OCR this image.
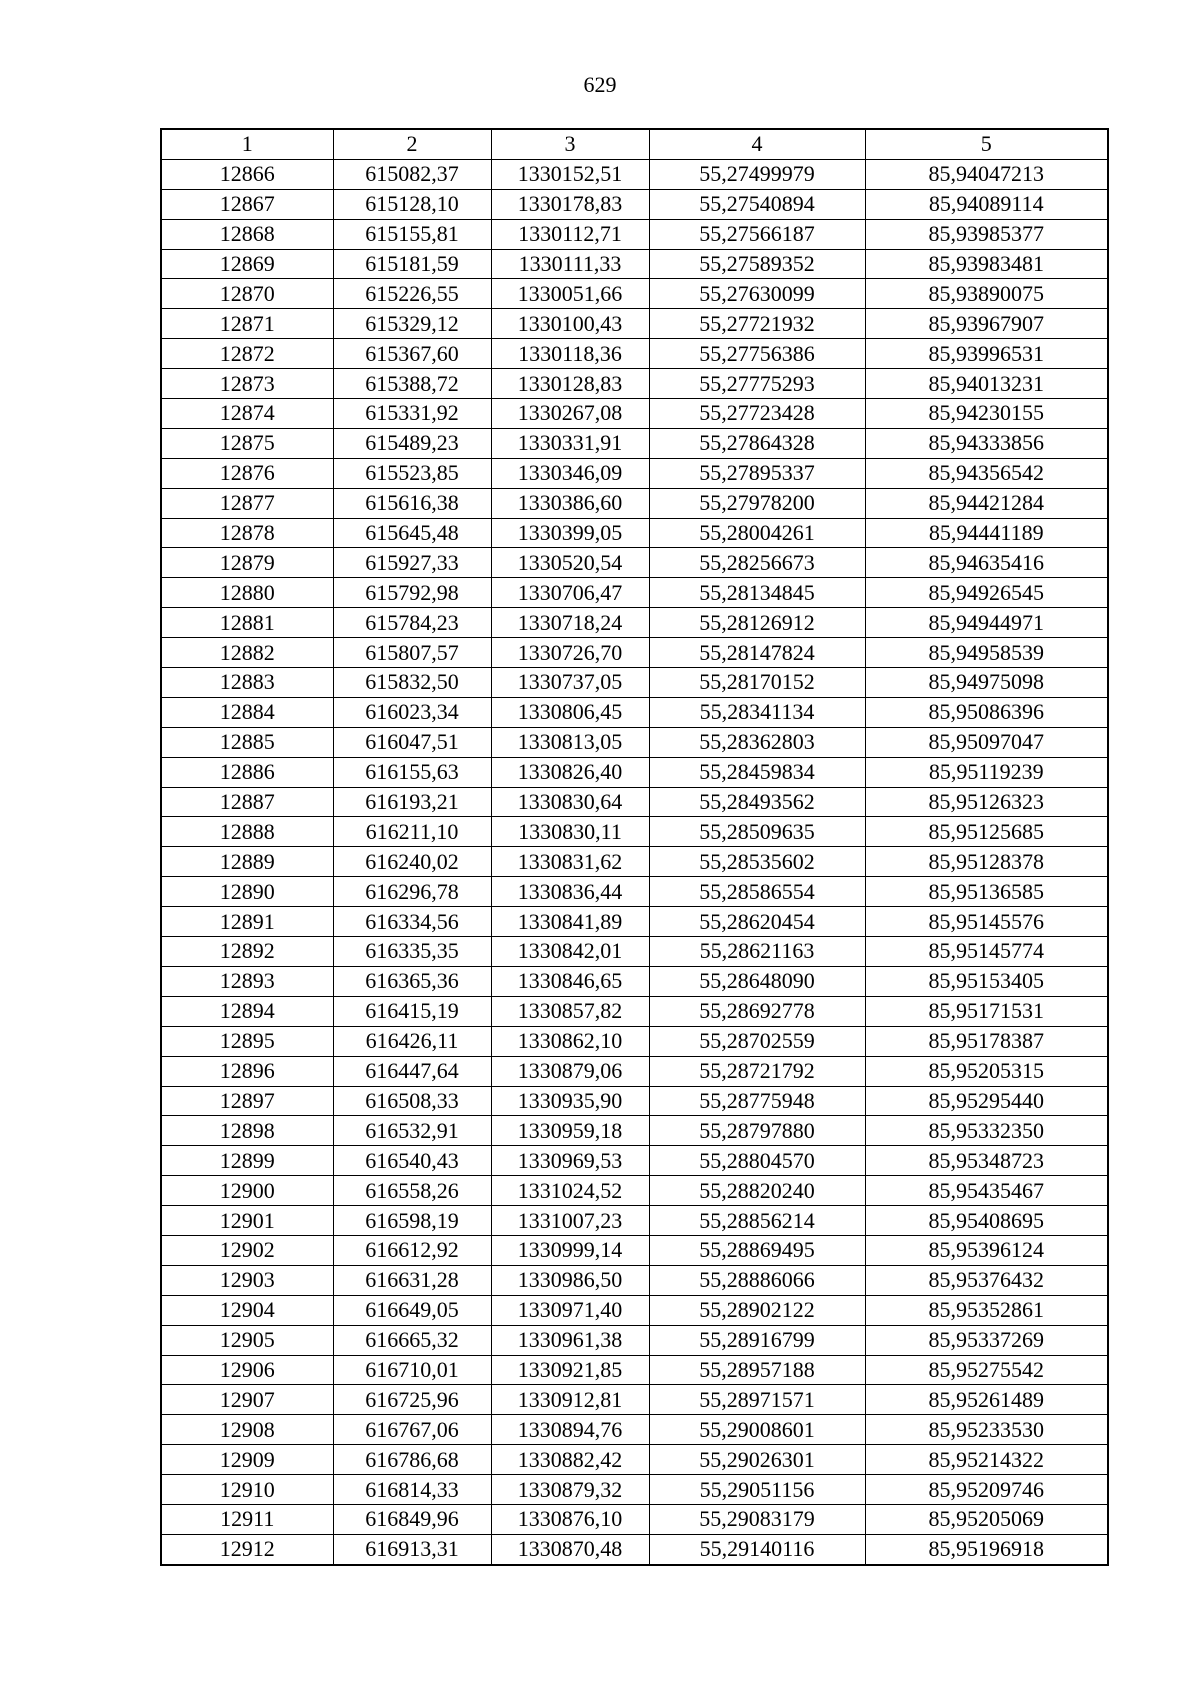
629
1	2	3	4	5
12866	615082,37	1330152,51	55,27499979	85,94047213
12867	615128,10	1330178,83	55,27540894	85,94089114
12868	615155,81	1330112,71	55,27566187	85,93985377
12869	615181,59	1330111,33	55,27589352	85,93983481
12870	615226,55	1330051,66	55,27630099	85,93890075
12871	615329,12	1330100,43	55,27721932	85,93967907
12872	615367,60	1330118,36	55,27756386	85,93996531
12873	615388,72	1330128,83	55,27775293	85,94013231
12874	615331,92	1330267,08	55,27723428	85,94230155
12875	615489,23	1330331,91	55,27864328	85,94333856
12876	615523,85	1330346,09	55,27895337	85,94356542
12877	615616,38	1330386,60	55,27978200	85,94421284
12878	615645,48	1330399,05	55,28004261	85,94441189
12879	615927,33	1330520,54	55,28256673	85,94635416
12880	615792,98	1330706,47	55,28134845	85,94926545
12881	615784,23	1330718,24	55,28126912	85,94944971
12882	615807,57	1330726,70	55,28147824	85,94958539
12883	615832,50	1330737,05	55,28170152	85,94975098
12884	616023,34	1330806,45	55,28341134	85,95086396
12885	616047,51	1330813,05	55,28362803	85,95097047
12886	616155,63	1330826,40	55,28459834	85,95119239
12887	616193,21	1330830,64	55,28493562	85,95126323
12888	616211,10	1330830,11	55,28509635	85,95125685
12889	616240,02	1330831,62	55,28535602	85,95128378
12890	616296,78	1330836,44	55,28586554	85,95136585
12891	616334,56	1330841,89	55,28620454	85,95145576
12892	616335,35	1330842,01	55,28621163	85,95145774
12893	616365,36	1330846,65	55,28648090	85,95153405
12894	616415,19	1330857,82	55,28692778	85,95171531
12895	616426,11	1330862,10	55,28702559	85,95178387
12896	616447,64	1330879,06	55,28721792	85,95205315
12897	616508,33	1330935,90	55,28775948	85,95295440
12898	616532,91	1330959,18	55,28797880	85,95332350
12899	616540,43	1330969,53	55,28804570	85,95348723
12900	616558,26	1331024,52	55,28820240	85,95435467
12901	616598,19	1331007,23	55,28856214	85,95408695
12902	616612,92	1330999,14	55,28869495	85,95396124
12903	616631,28	1330986,50	55,28886066	85,95376432
12904	616649,05	1330971,40	55,28902122	85,95352861
12905	616665,32	1330961,38	55,28916799	85,95337269
12906	616710,01	1330921,85	55,28957188	85,95275542
12907	616725,96	1330912,81	55,28971571	85,95261489
12908	616767,06	1330894,76	55,29008601	85,95233530
12909	616786,68	1330882,42	55,29026301	85,95214322
12910	616814,33	1330879,32	55,29051156	85,95209746
12911	616849,96	1330876,10	55,29083179	85,95205069
12912	616913,31	1330870,48	55,29140116	85,95196918
